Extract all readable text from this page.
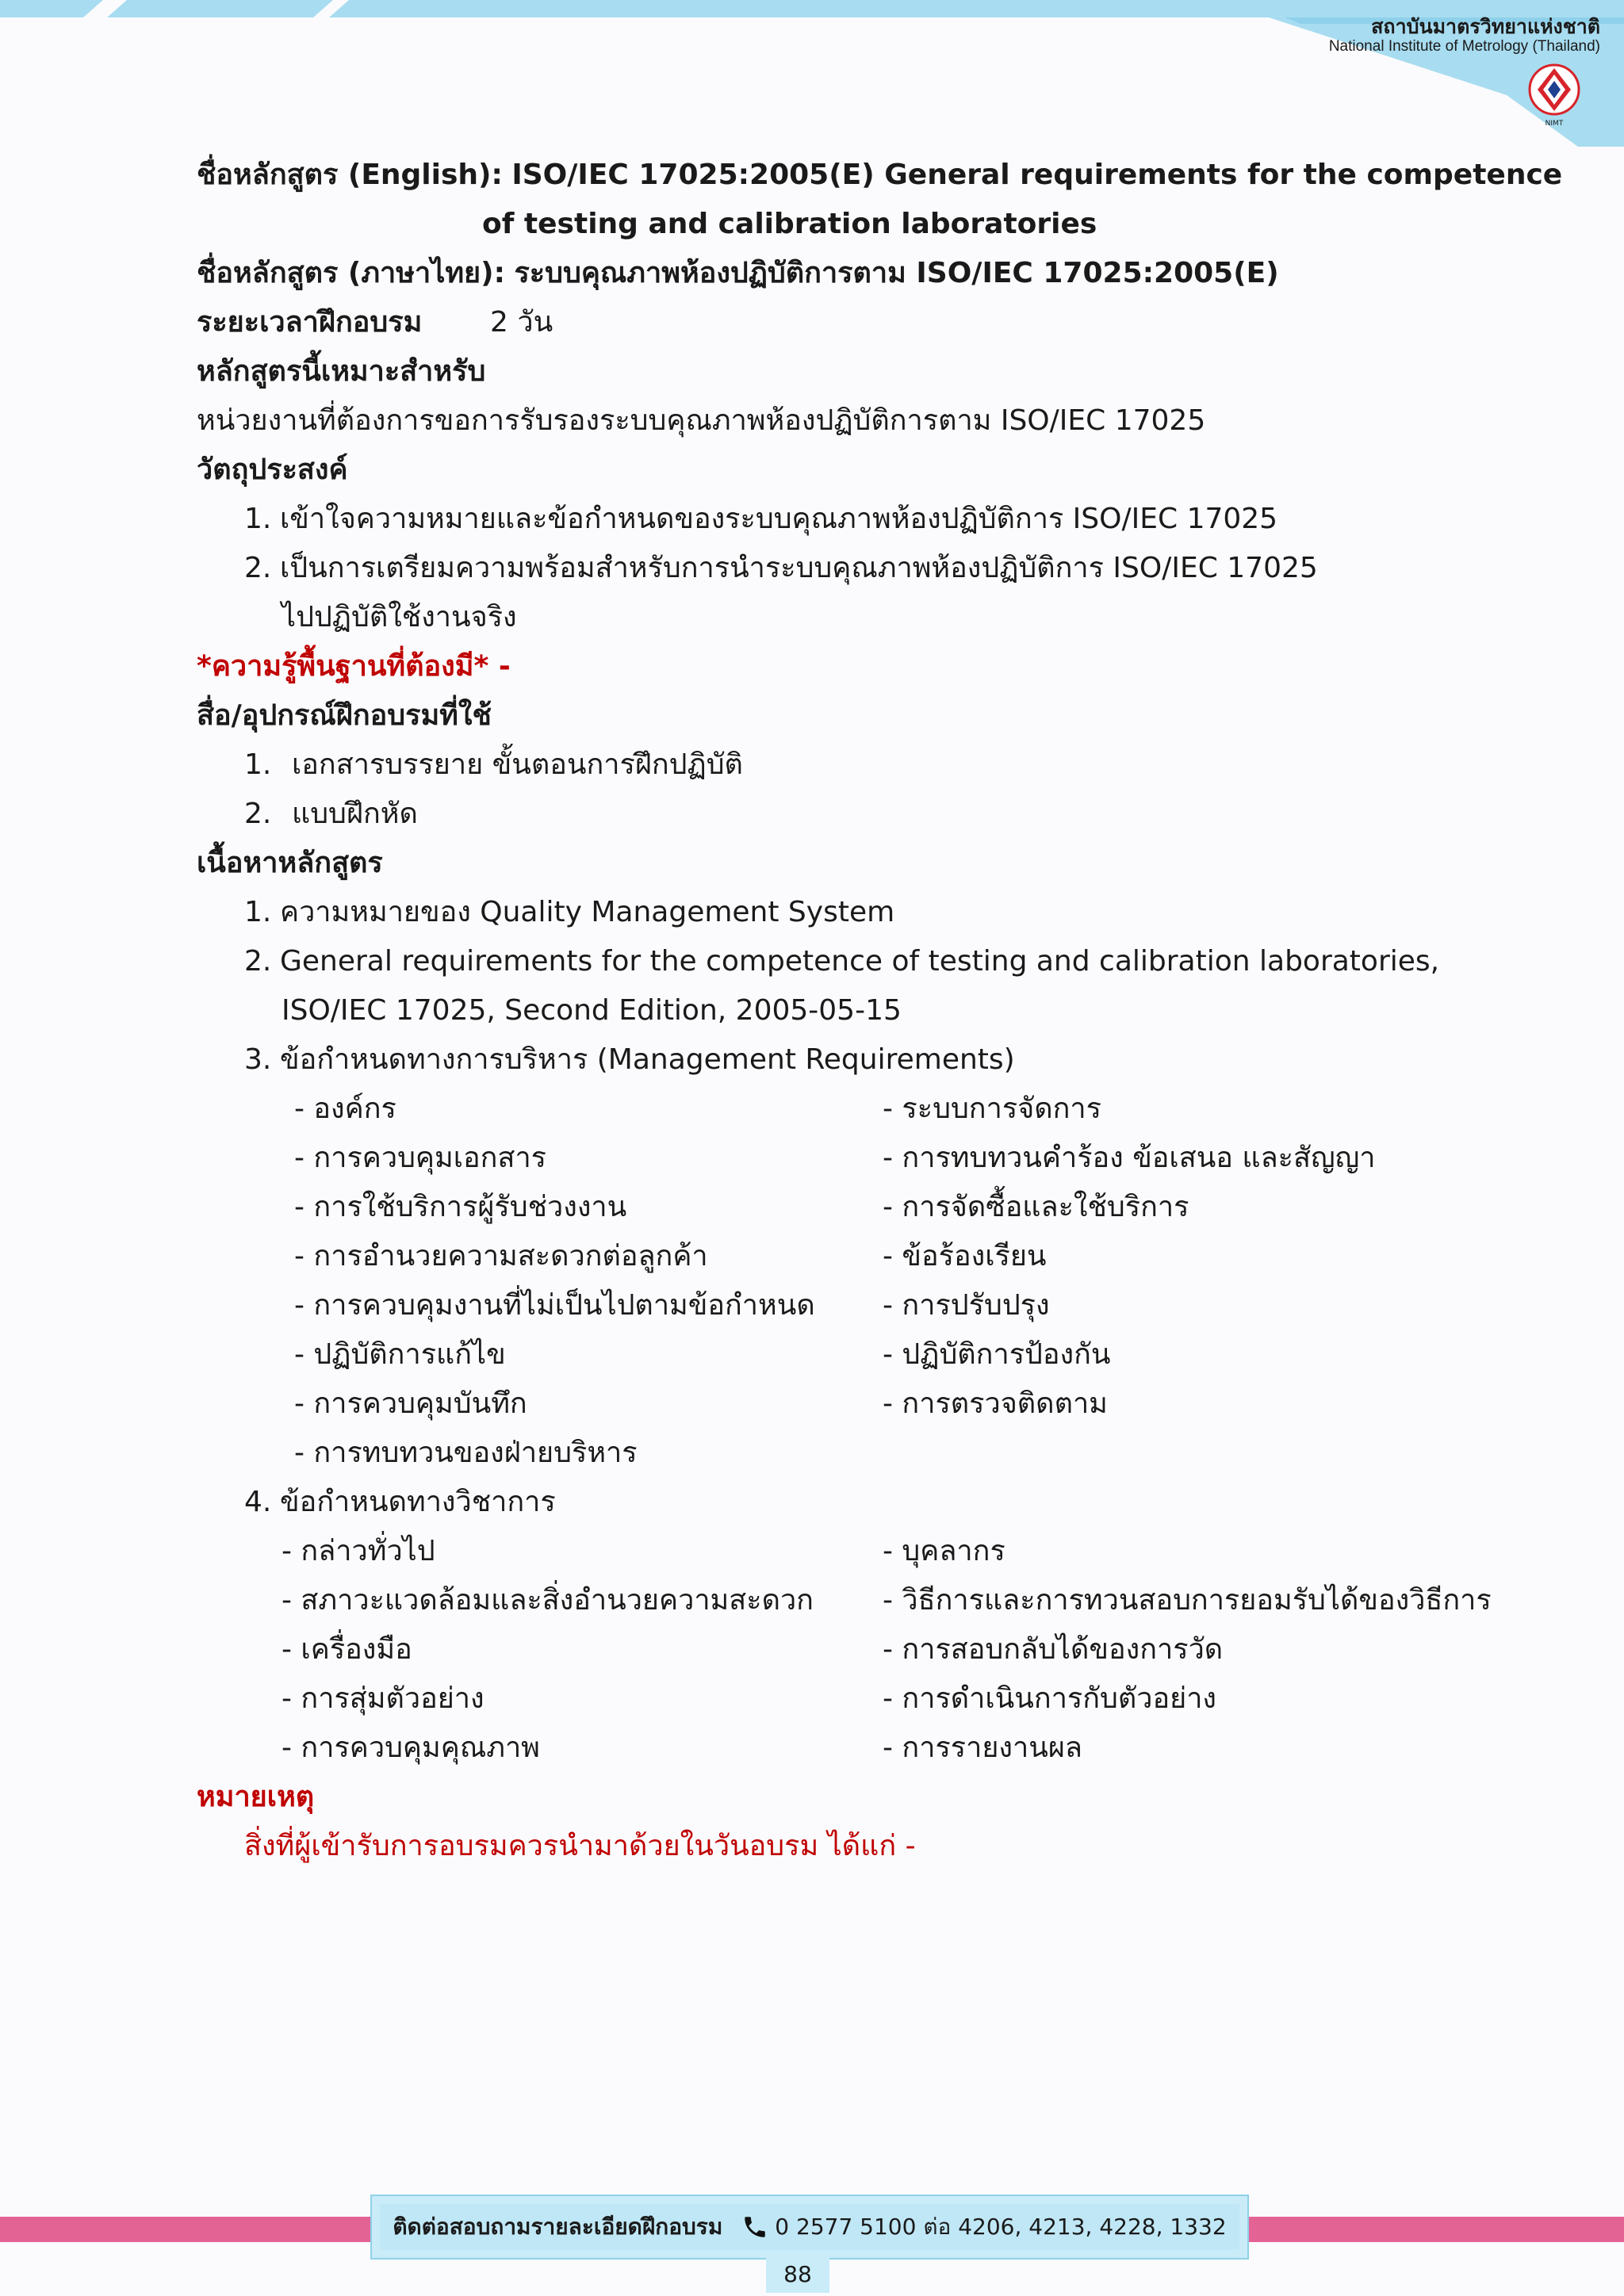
สถาบันมาตรวิทยาแห่งชาติ
National Institute of Metrology (Thailand)
NIMT
ชื่อหลักสูตร (English): ISO/IEC 17025:2005(E) General requirements for the competence
of testing and calibration laboratories
ชื่อหลักสูตร (ภาษาไทย): ระบบคุณภาพห้องปฏิบัติการตาม ISO/IEC 17025:2005(E)
ระยะเวลาฝึกอบรม 2 วัน
หลักสูตรนี้เหมาะสำหรับ
หน่วยงานที่ต้องการขอการรับรองระบบคุณภาพห้องปฏิบัติการตาม ISO/IEC 17025
วัตถุประสงค์
1. เข้าใจความหมายและข้อกำหนดของระบบคุณภาพห้องปฏิบัติการ ISO/IEC 17025
2. เป็นการเตรียมความพร้อมสำหรับการนำระบบคุณภาพห้องปฏิบัติการ ISO/IEC 17025
ไปปฏิบัติใช้งานจริง
*ความรู้พื้นฐานที่ต้องมี* -
สื่อ/อุปกรณ์ฝึกอบรมที่ใช้
1. เอกสารบรรยาย ขั้นตอนการฝึกปฏิบัติ
2. แบบฝึกหัด
เนื้อหาหลักสูตร
1. ความหมายของ Quality Management System
2. General requirements for the competence of testing and calibration laboratories,
ISO/IEC 17025, Second Edition, 2005-05-15
3. ข้อกำหนดทางการบริหาร (Management Requirements)
- องค์กร	- ระบบการจัดการ
- การควบคุมเอกสาร	- การทบทวนคำร้อง ข้อเสนอ และสัญญา
- การใช้บริการผู้รับช่วงงาน	- การจัดซื้อและใช้บริการ
- การอำนวยความสะดวกต่อลูกค้า	- ข้อร้องเรียน
- การควบคุมงานที่ไม่เป็นไปตามข้อกำหนด - การปรับปรุง
- ปฏิบัติการแก้ไข	- ปฏิบัติการป้องกัน
- การควบคุมบันทึก	- การตรวจติดตาม
- การทบทวนของฝ่ายบริหาร
4. ข้อกำหนดทางวิชาการ
- กล่าวทั่วไป	- บุคลากร
- สภาวะแวดล้อมและสิ่งอำนวยความสะดวก - วิธีการและการทวนสอบการยอมรับได้ของวิธีการ
- เครื่องมือ	- การสอบกลับได้ของการวัด
- การสุ่มตัวอย่าง	- การดำเนินการกับตัวอย่าง
- การควบคุมคุณภาพ	- การรายงานผล
หมายเหตุ
สิ่งที่ผู้เข้ารับการอบรมควรนำมาด้วยในวันอบรม ได้แก่ -
ติดต่อสอบถามรายละเอียดฝึกอบรม 0 2577 5100 ต่อ 4206, 4213, 4228, 1332
88
